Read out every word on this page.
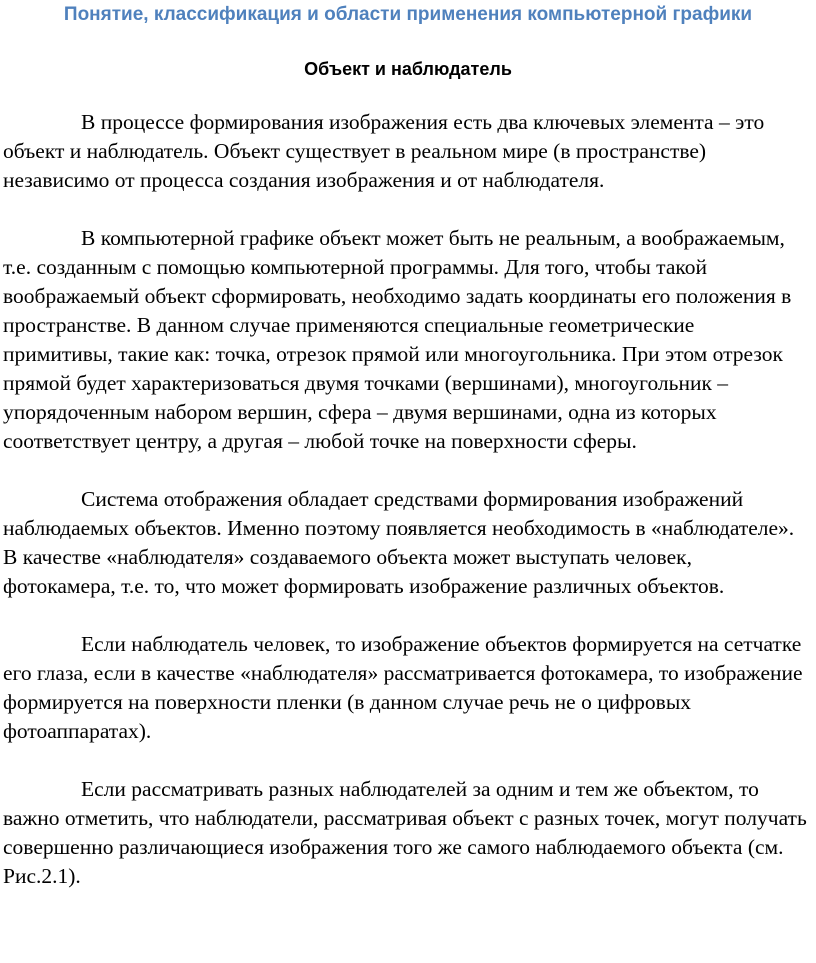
Понятие, классификация и области применения компьютерной графики
Объект и наблюдатель

В процессе формирования изображения есть два ключевых элемента – это объект и наблюдатель. Объект существует в реальном мире (в пространстве) независимо от процесса создания изображения и от наблюдателя.

В компьютерной графике объект может быть не реальным, а воображаемым, т.е. созданным с помощью компьютерной программы. Для того, чтобы такой воображаемый объект сформировать, необходимо задать координаты его положения в пространстве. В данном случае применяются специальные геометрические примитивы, такие как: точка, отрезок прямой или многоугольника. При этом отрезок прямой будет характеризоваться двумя точками (вершинами), многоугольник – упорядоченным набором вершин, сфера – двумя вершинами, одна из которых соответствует центру, а другая – любой точке на поверхности сферы.

Система отображения обладает средствами формирования изображений наблюдаемых объектов. Именно поэтому появляется необходимость в «наблюдателе». В качестве «наблюдателя» создаваемого объекта может выступать человек, фотокамера, т.е. то, что может формировать изображение различных объектов.

Если наблюдатель человек, то изображение объектов формируется на сетчатке его глаза, если в качестве «наблюдателя» рассматривается фотокамера, то изображение формируется на поверхности пленки (в данном случае речь не о цифровых фотоаппаратах).

Если рассматривать разных наблюдателей за одним и тем же объектом, то важно отметить, что наблюдатели, рассматривая объект с разных точек, могут получать совершенно различающиеся изображения того же самого наблюдаемого объекта (см. Рис.2.1).
